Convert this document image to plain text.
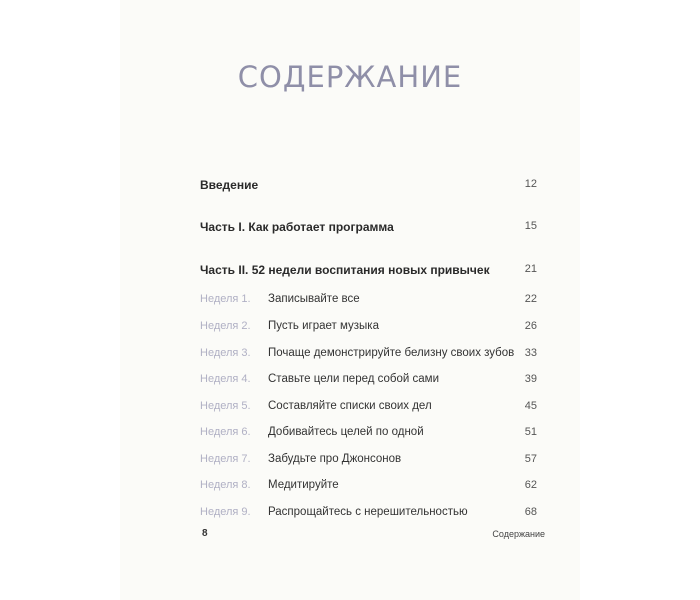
СОДЕРЖАНИЕ
Введение	12
Часть I. Как работает программа	15
Часть II. 52 недели воспитания новых привычек	21
Неделя 1. Записывайте все	22
Неделя 2. Пусть играет музыка	26
Неделя 3. Почаще демонстрируйте белизну своих зубов 33
Неделя 4. Ставьте цели перед собой сами	39
Неделя 5. Составляйте списки своих дел	45
Неделя 6. Добивайтесь целей по одной	51
Неделя 7. Забудьте про Джонсонов	57
Неделя 8. Медитируйте	62
Неделя 9. Распрощайтесь с нерешительностью	68
8	Содержание
